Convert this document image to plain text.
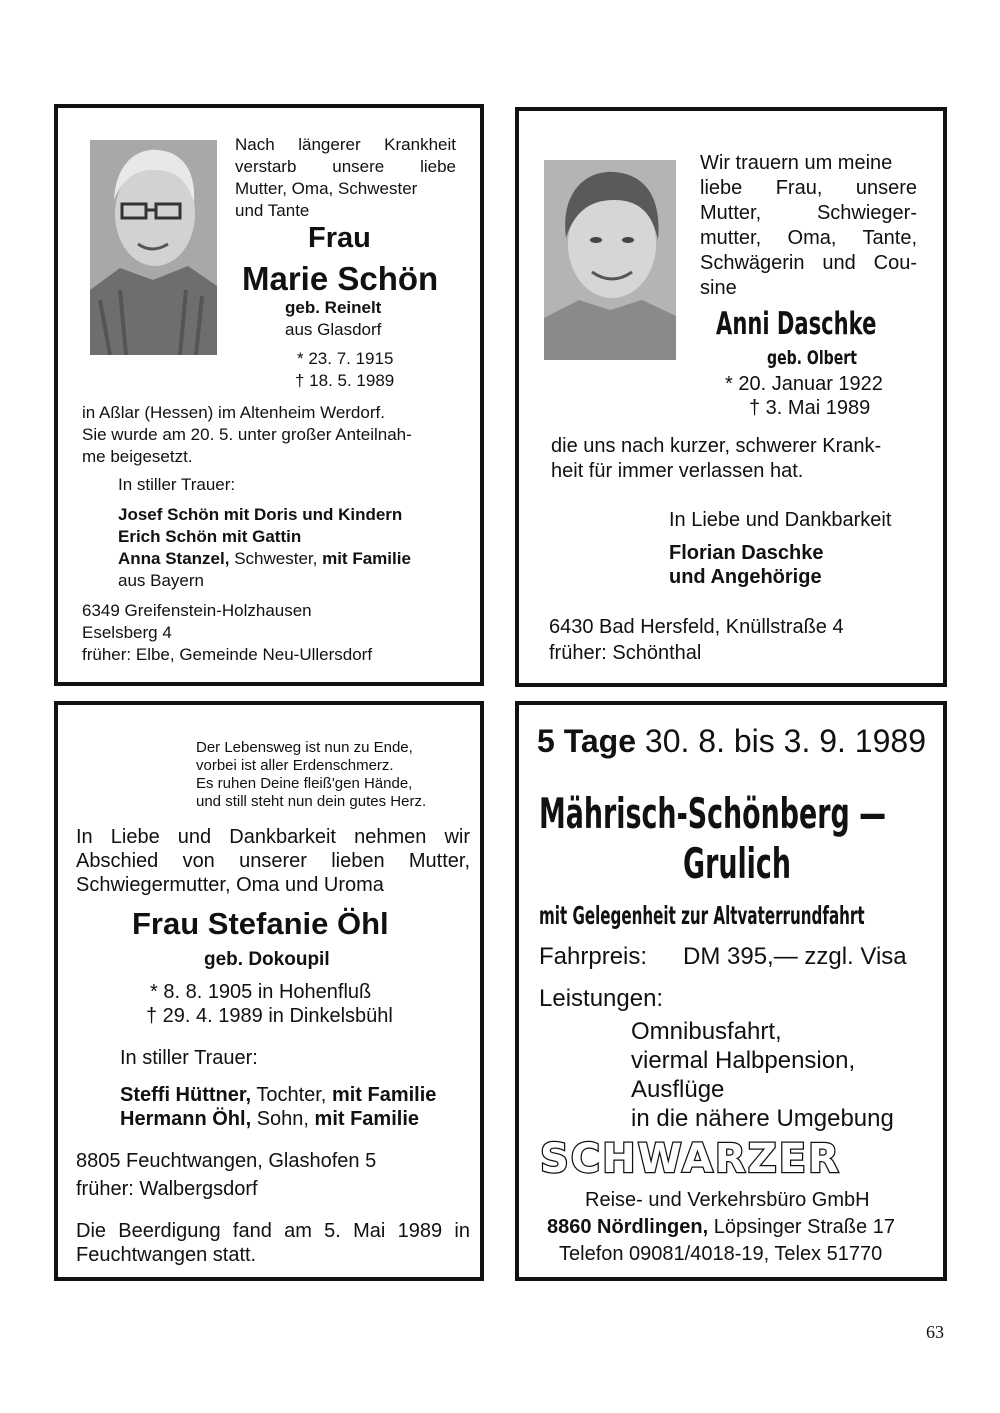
Nach längerer Krankheit
verstarb unsere liebe
Mutter, Oma, Schwester
und Tante
Frau
Marie Schön
geb. Reinelt
aus Glasdorf
* 23. 7. 1915
† 18. 5. 1989
in Aßlar (Hessen) im Altenheim Werdorf.
Sie wurde am 20. 5. unter großer Anteilnah-
me beigesetzt.
In stiller Trauer:
Josef Schön mit Doris und Kindern
Erich Schön mit Gattin
Anna Stanzel, Schwester, mit Familie
aus Bayern
6349 Greifenstein-Holzhausen
Eselsberg 4
früher: Elbe, Gemeinde Neu-Ullersdorf
Wir trauern um meine
liebe Frau, unsere
Mutter, Schwieger-
mutter, Oma, Tante,
Schwägerin und Cou-
sine
Anni Daschke
geb. Olbert
* 20. Januar 1922
† 3. Mai 1989
die uns nach kurzer, schwerer Krank-
heit für immer verlassen hat.
In Liebe und Dankbarkeit
Florian Daschke
und Angehörige
6430 Bad Hersfeld, Knüllstraße 4
früher: Schönthal
Der Lebensweg ist nun zu Ende,
vorbei ist aller Erdenschmerz.
Es ruhen Deine fleiß'gen Hände,
und still steht nun dein gutes Herz.
In Liebe und Dankbarkeit nehmen wir
Abschied von unserer lieben Mutter,
Schwiegermutter, Oma und Uroma
Frau Stefanie Öhl
geb. Dokoupil
* 8. 8. 1905 in Hohenfluß
† 29. 4. 1989 in Dinkelsbühl
In stiller Trauer:
Steffi Hüttner, Tochter, mit Familie
Hermann Öhl, Sohn, mit Familie
8805 Feuchtwangen, Glashofen 5
früher: Walbergsdorf
Die Beerdigung fand am 5. Mai 1989 in
Feuchtwangen statt.
5 Tage 30. 8. bis 3. 9. 1989
Mährisch-Schönberg —
Grulich
mit Gelegenheit zur Altvaterrundfahrt
Fahrpreis: DM 395,— zzgl. Visa
Leistungen:
Omnibusfahrt,
viermal Halbpension,
Ausflüge
in die nähere Umgebung
SCHWARZER
Reise- und Verkehrsbüro GmbH
8860 Nördlingen, Löpsinger Straße 17
Telefon 09081/4018-19, Telex 51770
63
